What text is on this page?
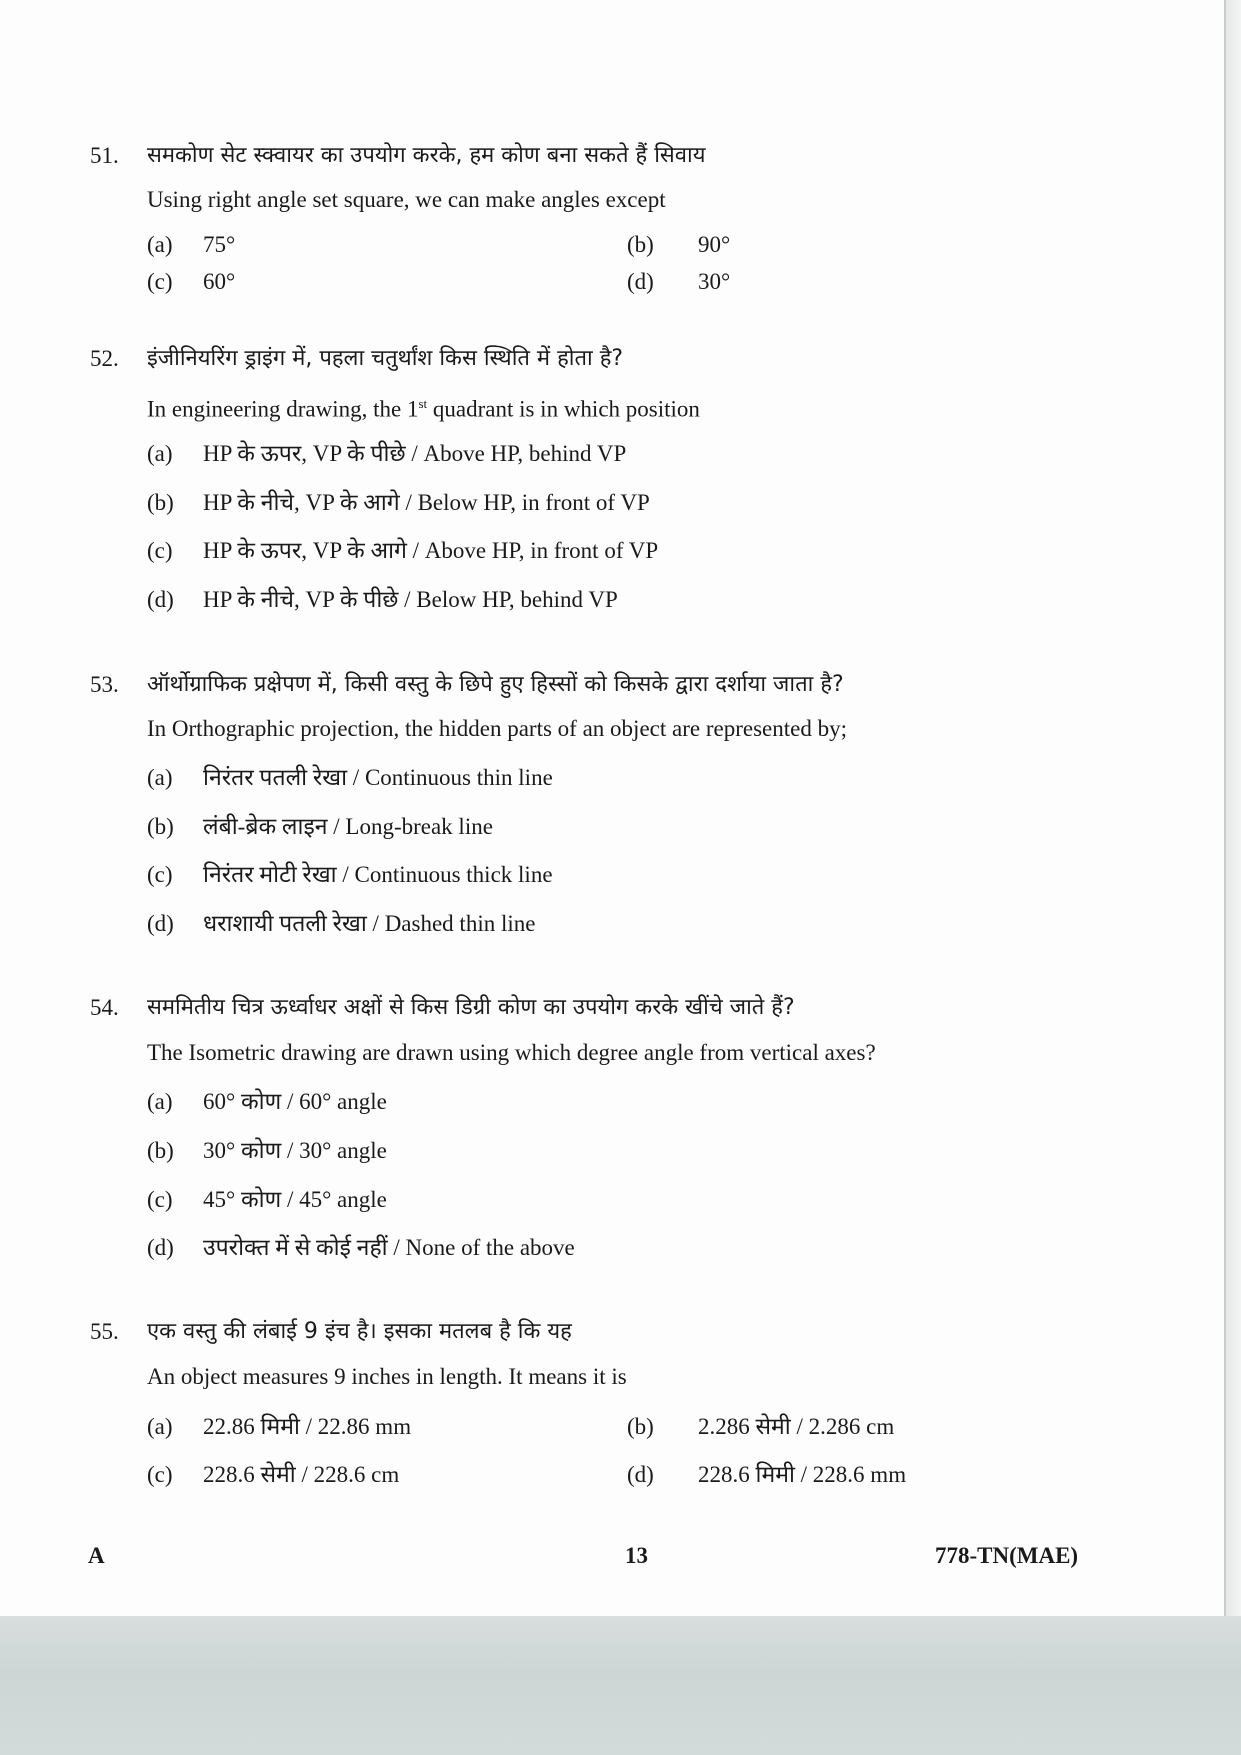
51. समकोण सेट स्क्वायर का उपयोग करके, हम कोण बना सकते हैं सिवाय
Using right angle set square, we can make angles except
(a) 75°	(b) 90°
(c) 60°	(d) 30°
52. इंजीनियरिंग ड्राइंग में, पहला चतुर्थांश किस स्थिति में होता है?
In engineering drawing, the 1st quadrant is in which position
(a) HP के ऊपर, VP के पीछे / Above HP, behind VP
(b) HP के नीचे, VP के आगे / Below HP, in front of VP
(c) HP के ऊपर, VP के आगे / Above HP, in front of VP
(d) HP के नीचे, VP के पीछे / Below HP, behind VP
53. ऑर्थोग्राफिक प्रक्षेपण में, किसी वस्तु के छिपे हुए हिस्सों को किसके द्वारा दर्शाया जाता है?
In Orthographic projection, the hidden parts of an object are represented by;
(a) निरंतर पतली रेखा / Continuous thin line
(b) लंबी-ब्रेक लाइन / Long-break line
(c) निरंतर मोटी रेखा / Continuous thick line
(d) धराशायी पतली रेखा / Dashed thin line
54. सममितीय चित्र ऊर्ध्वाधर अक्षों से किस डिग्री कोण का उपयोग करके खींचे जाते हैं?
The Isometric drawing are drawn using which degree angle from vertical axes?
(a) 60° कोण / 60° angle
(b) 30° कोण / 30° angle
(c) 45° कोण / 45° angle
(d) उपरोक्त में से कोई नहीं / None of the above
55. एक वस्तु की लंबाई 9 इंच है। इसका मतलब है कि यह
An object measures 9 inches in length. It means it is
(a) 22.86 मिमी / 22.86 mm	(b) 2.286 सेमी / 2.286 cm
(c) 228.6 सेमी / 228.6 cm	(d) 228.6 मिमी / 228.6 mm
A	13	778-TN(MAE)
